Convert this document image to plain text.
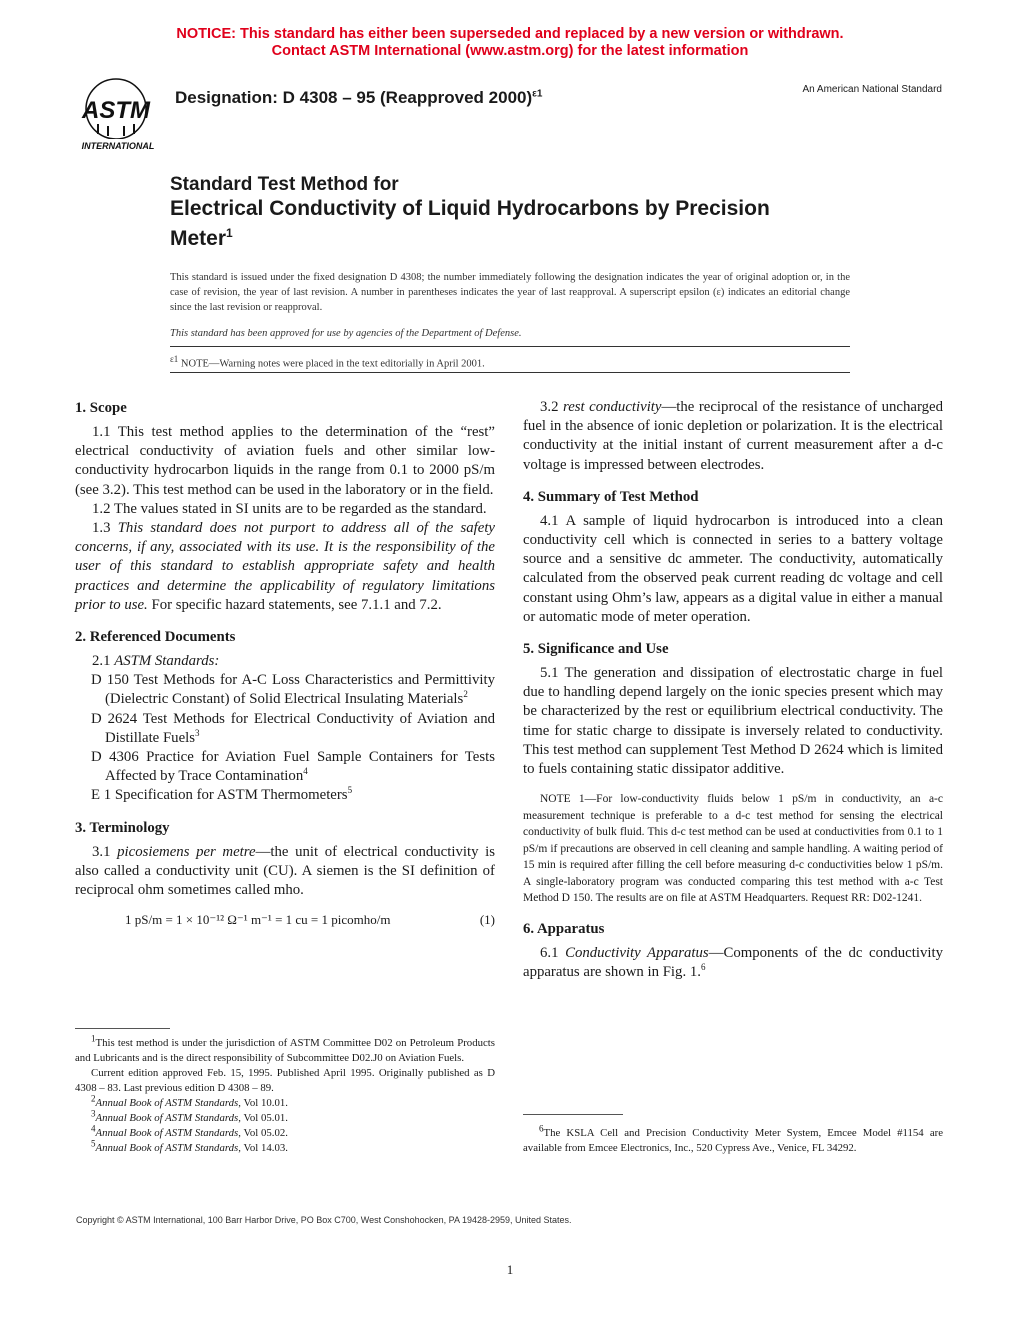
NOTICE: This standard has either been superseded and replaced by a new version or withdrawn.
Contact ASTM International (www.astm.org) for the latest information
ASTM
INTERNATIONAL
Designation: D 4308 – 95 (Reapproved 2000)$^{\varepsilon 1}$	An American National Standard
Standard Test Method for
Electrical Conductivity of Liquid Hydrocarbons by Precision
Meter$^1$

This standard is issued under the fixed designation D 4308; the number immediately following the designation indicates the year of original adoption or, in the case of revision, the year of last revision. A number in parentheses indicates the year of last reapproval. A superscript epsilon (ε) indicates an editorial change since the last revision or reapproval.

This standard has been approved for use by agencies of the Department of Defense.

ε1 NOTE—Warning notes were placed in the text editorially in April 2001.
1. Scope

1.1 This test method applies to the determination of the “rest” electrical conductivity of aviation fuels and other similar low-conductivity hydrocarbon liquids in the range from 0.1 to 2000 pS/m (see 3.2). This test method can be used in the laboratory or in the field.

1.2 The values stated in SI units are to be regarded as the standard.

1.3 This standard does not purport to address all of the safety concerns, if any, associated with its use. It is the responsibility of the user of this standard to establish appropriate safety and health practices and determine the applicability of regulatory limitations prior to use. For specific hazard statements, see 7.1.1 and 7.2.

2. Referenced Documents

2.1 ASTM Standards:

D 150 Test Methods for A-C Loss Characteristics and Permittivity (Dielectric Constant) of Solid Electrical Insulating Materials$^2$

D 2624 Test Methods for Electrical Conductivity of Aviation and Distillate Fuels$^3$

D 4306 Practice for Aviation Fuel Sample Containers for Tests Affected by Trace Contamination$^4$

E 1 Specification for ASTM Thermometers$^5$

3. Terminology

3.1 picosiemens per metre—the unit of electrical conductivity is also called a conductivity unit (CU). A siemen is the SI definition of reciprocal ohm sometimes called mho.

1 pS/m = 1 × 10⁻¹² Ω⁻¹ m⁻¹ = 1 cu = 1 picomho/m	(1)

$^1$This test method is under the jurisdiction of ASTM Committee D02 on Petroleum Products and Lubricants and is the direct responsibility of Subcommittee D02.J0 on Aviation Fuels.

Current edition approved Feb. 15, 1995. Published April 1995. Originally published as D 4308 – 83. Last previous edition D 4308 – 89.

$^2$Annual Book of ASTM Standards, Vol 10.01.

$^3$Annual Book of ASTM Standards, Vol 05.01.

$^4$Annual Book of ASTM Standards, Vol 05.02.

$^5$Annual Book of ASTM Standards, Vol 14.03.

3.2 rest conductivity—the reciprocal of the resistance of uncharged fuel in the absence of ionic depletion or polarization. It is the electrical conductivity at the initial instant of current measurement after a d-c voltage is impressed between electrodes.

4. Summary of Test Method

4.1 A sample of liquid hydrocarbon is introduced into a clean conductivity cell which is connected in series to a battery voltage source and a sensitive dc ammeter. The conductivity, automatically calculated from the observed peak current reading dc voltage and cell constant using Ohm’s law, appears as a digital value in either a manual or automatic mode of meter operation.

5. Significance and Use

5.1 The generation and dissipation of electrostatic charge in fuel due to handling depend largely on the ionic species present which may be characterized by the rest or equilibrium electrical conductivity. The time for static charge to dissipate is inversely related to conductivity. This test method can supplement Test Method D 2624 which is limited to fuels containing static dissipator additive.

NOTE 1—For low-conductivity fluids below 1 pS/m in conductivity, an a-c measurement technique is preferable to a d-c test method for sensing the electrical conductivity of bulk fluid. This d-c test method can be used at conductivities from 0.1 to 1 pS/m if precautions are observed in cell cleaning and sample handling. A waiting period of 15 min is required after filling the cell before measuring d-c conductivities below 1 pS/m. A single-laboratory program was conducted comparing this test method with a-c Test Method D 150. The results are on file at ASTM Headquarters. Request RR: D02-1241.

6. Apparatus

6.1 Conductivity Apparatus—Components of the dc conductivity apparatus are shown in Fig. 1.$^6$

$^6$The KSLA Cell and Precision Conductivity Meter System, Emcee Model #1154 are available from Emcee Electronics, Inc., 520 Cypress Ave., Venice, FL 34292.

Copyright © ASTM International, 100 Barr Harbor Drive, PO Box C700, West Conshohocken, PA 19428-2959, United States.
1
